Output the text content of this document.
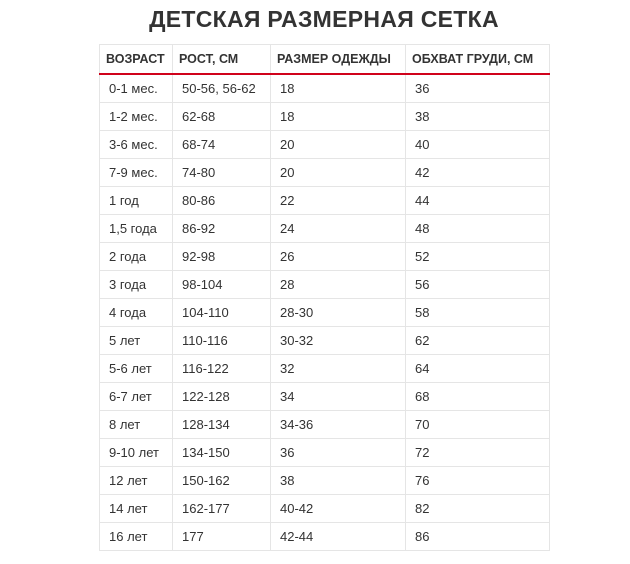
ДЕТСКАЯ РАЗМЕРНАЯ СЕТКА
ВОЗРАСТ	РОСТ, СМ	РАЗМЕР ОДЕЖДЫ	ОБХВАТ ГРУДИ, СМ
0-1 мес.	50-56, 56-62	18	36
1-2 мес.	62-68	18	38
3-6 мес.	68-74	20	40
7-9 мес.	74-80	20	42
1 год	80-86	22	44
1,5 года	86-92	24	48
2 года	92-98	26	52
3 года	98-104	28	56
4 года	104-110	28-30	58
5 лет	110-116	30-32	62
5-6 лет	116-122	32	64
6-7 лет	122-128	34	68
8 лет	128-134	34-36	70
9-10 лет	134-150	36	72
12 лет	150-162	38	76
14 лет	162-177	40-42	82
16 лет	177	42-44	86
